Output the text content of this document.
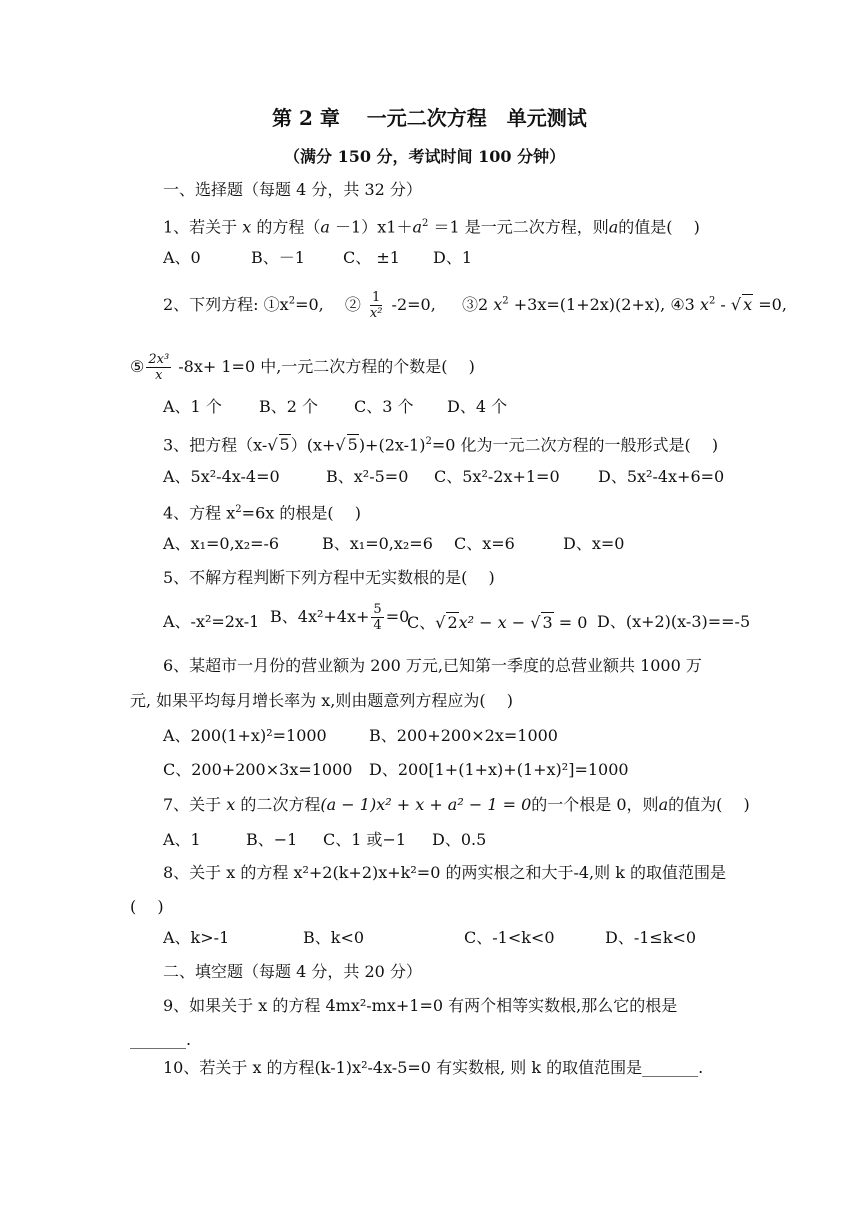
第 2 章　 一元二次方程　单元测试
（满分 150 分，考试时间 100 分钟）
一、选择题（每题 4 分，共 32 分）
1、若关于 x 的方程$(a -1)x1+a^2 =1$ 是一元二次方程，则a的值是(　 )
A、0	B、－1 C、 ±1 D、1
2、下列方程: $①x^2=0$, 　② $\frac{1}{\text{x²}} -2=0$, 　 ③2 $x^2 +3x=(1+2x)(2+x)$, ④3 $x^2$ - √ x =0,
⑤ $\frac{\text{2x³}}{x} -8x+ 1=0$ 中,一元二次方程的个数是(　 )
A、1 个 B、2 个 C、3 个 D、4 个
3、把方程（x-√ 5）(x+√ $5)+(2x-1)^2=0$ 化为一元二次方程的一般形式是(　 )
A、5x²-4x-4=0	B、x²-5=0 C、5x²-2x+1=0 D、5x²-4x+6=0
4、方程 $x^2=6x$ 的根是(　 )
A、x₁=0,x₂=-6	B、x₁=0,x₂=6 C、x=6	D、x=0
5、不解方程判断下列方程中无实数根的是(　 )
A、-x²=2x-1 B、$4x^2+4x+ \frac{5}{4} =0$
C、√ 2x² − x − √ 3 = 0 D、(x+2)(x-3)==-5
6、某超市一月份的营业额为 200 万元,已知第一季度的总营业额共 1000 万
元, 如果平均每月增长率为 x,则由题意列方程应为(　 )
A、200(1+x)²=1000	B、200+200×2x=1000
C、200+200×3x=1000 D、200[1+(1+x)+(1+x)²]=1000
7、关于 x 的二次方程(a − 1)x² + x + a² − 1 = 0的一个根是 0，则a的值为(　 )
A、1	B、−1 C、1 或−1 D、0.5
8、关于 x 的方程 x²+2(k+2)x+k²=0 的两实根之和大于-4,则 k 的取值范围是
(　 )
A、k>-1	B、k<0	C、-1<k<0	D、-1≤k<0
二、填空题（每题 4 分，共 20 分）
9、如果关于 x 的方程 4mx²-mx+1=0 有两个相等实数根,那么它的根是
_______.
10、若关于 x 的方程(k-1)x²-4x-5=0 有实数根, 则 k 的取值范围是_______.
